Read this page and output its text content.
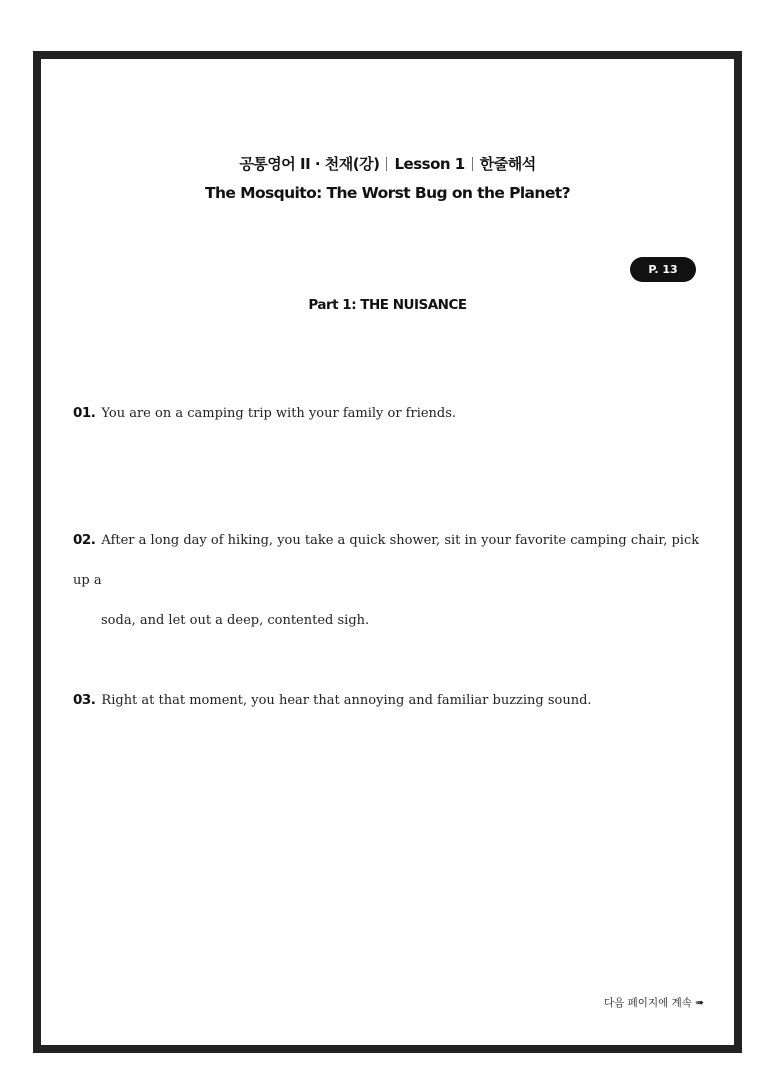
공통영어 II · 천재(강) Lesson 1 한줄해석
The Mosquito: The Worst Bug on the Planet?
P. 13
Part 1: THE NUISANCE
01. You are on a camping trip with your family or friends.
02. After a long day of hiking, you take a quick shower, sit in your favorite camping chair, pick up a
soda, and let out a deep, contented sigh.
03. Right at that moment, you hear that annoying and familiar buzzing sound.
다음 페이지에 계속 ➠
